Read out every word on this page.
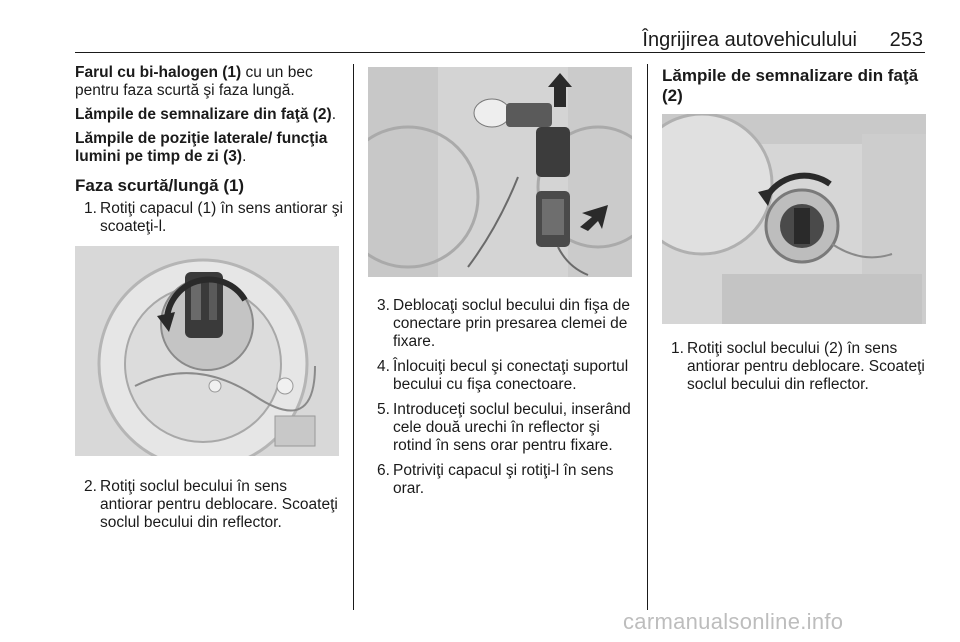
Îngrijirea autovehiculului 253

Farul cu bi-halogen (1) cu un bec pentru faza scurtă şi faza lungă.

Lămpile de semnalizare din faţă (2).

Lămpile de poziţie laterale/ funcţia lumini pe timp de zi (3).

Faza scurtă/lungă (1)
1. Rotiţi capacul (1) în sens antiorar şi scoateţi-l.
2. Rotiţi soclul becului în sens antiorar pentru deblocare. Scoateţi soclul becului din reflector.
3. Deblocaţi soclul becului din fişa de conectare prin presarea clemei de fixare.
4. Înlocuiţi becul şi conectaţi suportul becului cu fişa conectoare.
5. Introduceţi soclul becului, inserând cele două urechi în reflector şi rotind în sens orar pentru fixare.
6. Potriviţi capacul şi rotiţi-l în sens orar.
Lămpile de semnalizare din faţă (2)
1. Rotiţi soclul becului (2) în sens antiorar pentru deblocare. Scoateţi soclul becului din reflector.
carmanualsonline.info
